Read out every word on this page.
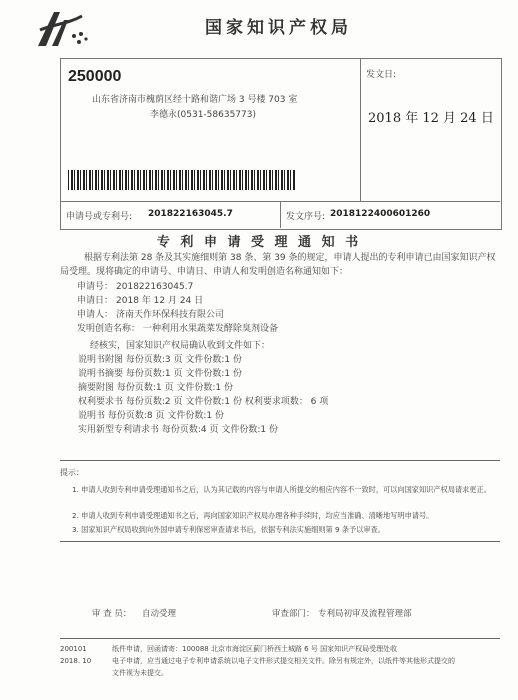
国家知识产权局
250000
山东省济南市槐荫区经十路和谐广场 3 号楼 703 室
李德永(0531-58635773)
发文日:
2018 年 12 月 24 日
申请号或专利号: 201822163045.7	发文序号: 2018122400601260
专 利 申 请 受 理 通 知 书
根据专利法第 28 条及其实施细则第 38 条、第 39 条的规定，申请人提出的专利申请已由国家知识产权局受理。现将确定的申请号、申请日、申请人和发明创造名称通知如下：
申请号： 201822163045.7
申请日： 2018 年 12 月 24 日
申请人： 济南天作环保科技有限公司
发明创造名称： 一种利用水果蔬菜发酵除臭剂设备
经核实，国家知识产权局确认收到文件如下：
说明书附图 每份页数:3 页 文件份数:1 份
说明书摘要 每份页数:1 页 文件份数:1 份
摘要附图 每份页数:1 页 文件份数:1 份
权利要求书 每份页数:2 页 文件份数:1 份 权利要求项数： 6 项
说明书 每份页数:8 页 文件份数:1 份
实用新型专利请求书 每份页数:4 页 文件份数:1 份
提示：
1. 申请人收到专利申请受理通知书之后，认为其记载的内容与申请人所提交的相应内容不一致时，可以向国家知识产权局请求更正。
2. 申请人收到专利申请受理通知书之后，再向国家知识产权局办理各种手续时，均应当准确、清晰地写明申请号。
3. 国家知识产权局收到向外国申请专利保密审查请求书后，依据专利法实施细则第 9 条予以审查。
审 查 员： 自动受理	审查部门： 专利局初审及流程管理部
200101
2018. 10
纸件申请，回函请寄：100088 北京市海淀区蓟门桥西土城路 6 号 国家知识产权局受理处收
电子申请，应当通过电子专利申请系统以电子文件形式提交相关文件。除另有规定外，以纸件等其他形式提交的
文件视为未提交。
